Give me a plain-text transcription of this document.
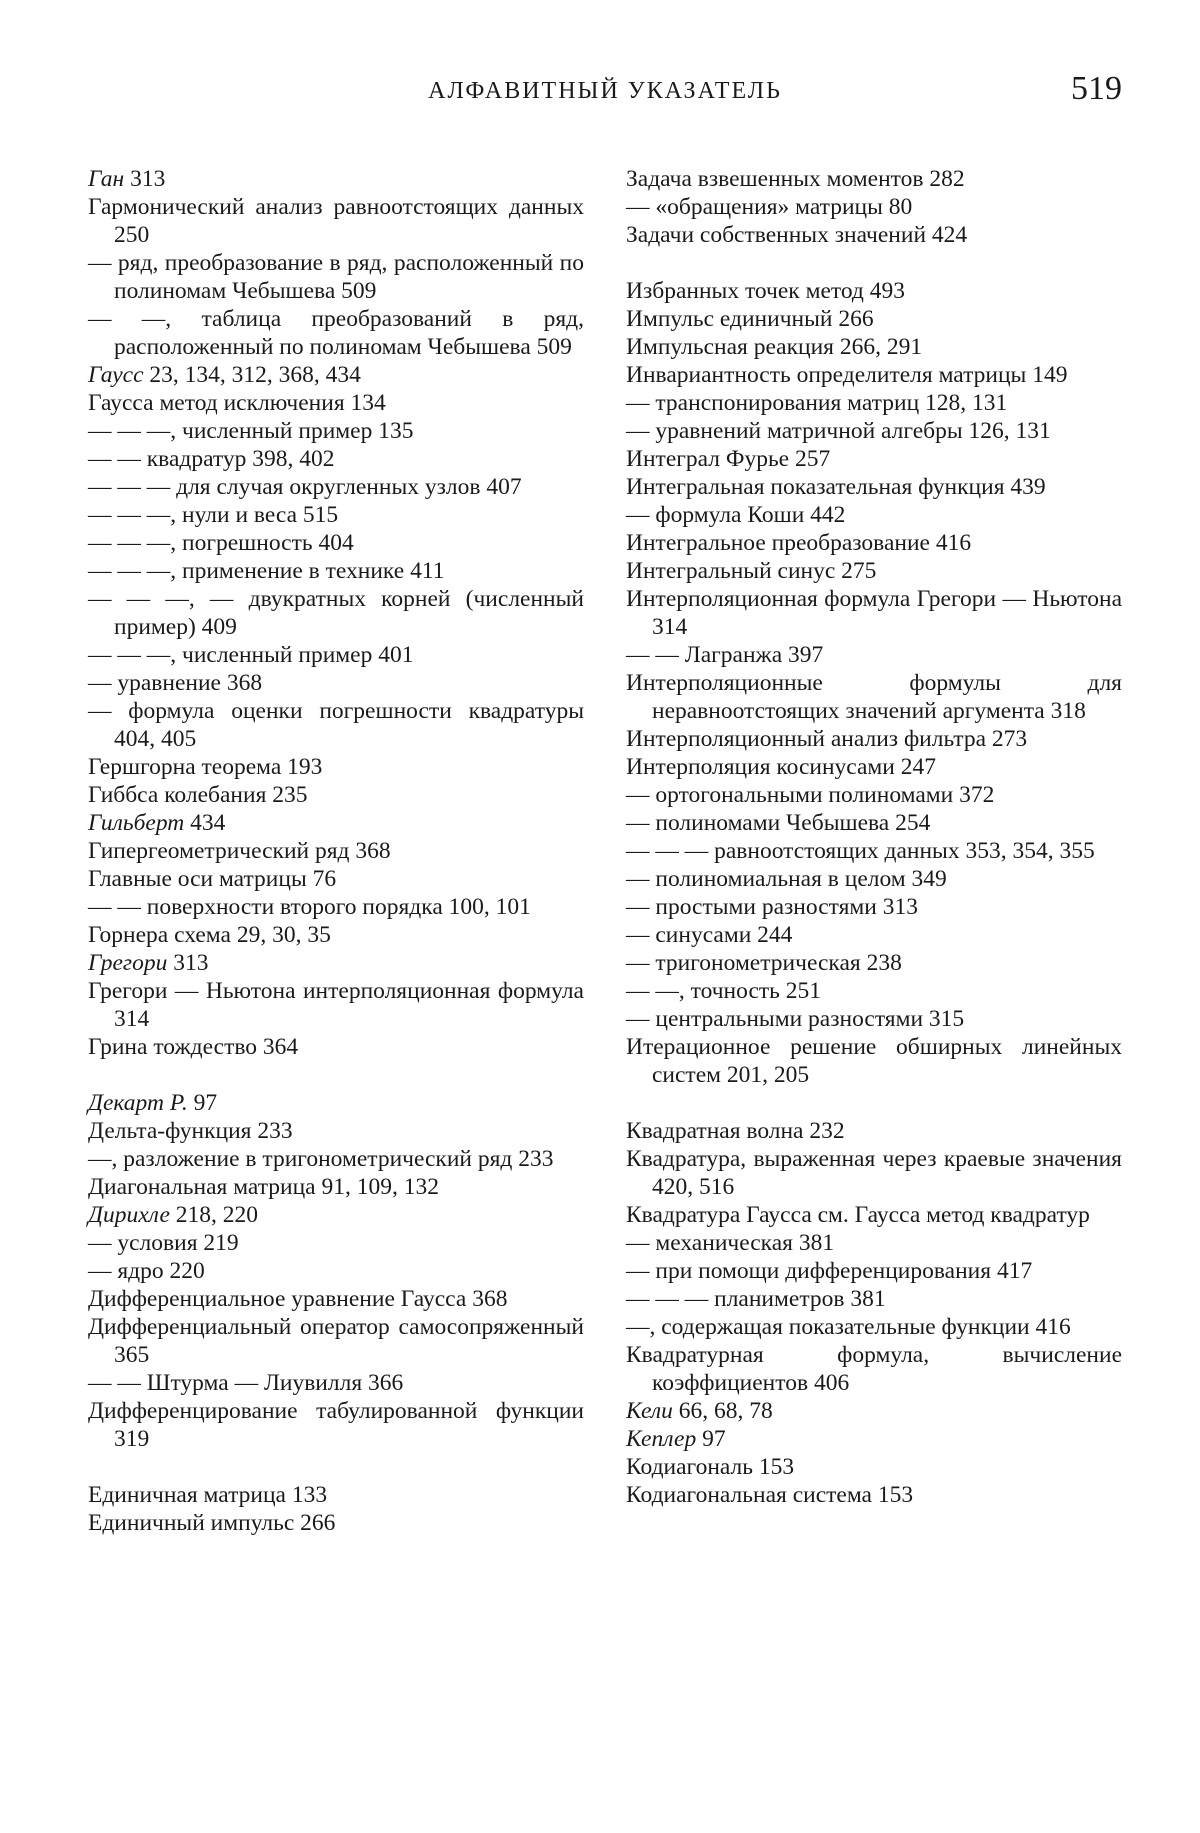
АЛФАВИТНЫЙ УКАЗАТЕЛЬ	519
Ган 313
Гармонический анализ равноотстоящих данных 250
— ряд, преобразование в ряд, расположенный по полиномам Чебышева 509
— —, таблица преобразований в ряд, расположенный по полиномам Чебышева 509
Гаусс 23, 134, 312, 368, 434
Гаусса метод исключения 134
— — —, численный пример 135
— — квадратур 398, 402
— — — для случая округленных узлов 407
— — —, нули и веса 515
— — —, погрешность 404
— — —, применение в технике 411
— — —, — двукратных корней (численный пример) 409
— — —, численный пример 401
— уравнение 368
— формула оценки погрешности квадратуры 404, 405
Гершгорна теорема 193
Гиббса колебания 235
Гильберт 434
Гипергеометрический ряд 368
Главные оси матрицы 76
— — поверхности второго порядка 100, 101
Горнера схема 29, 30, 35
Грегори 313
Грегори — Ньютона интерполяционная формула 314
Грина тождество 364
Декарт Р. 97
Дельта-функция 233
—, разложение в тригонометрический ряд 233
Диагональная матрица 91, 109, 132
Дирихле 218, 220
— условия 219
— ядро 220
Дифференциальное уравнение Гаусса 368
Дифференциальный оператор самосопряженный 365
— — Штурма — Лиувилля 366
Дифференцирование табулированной функции 319
Единичная матрица 133
Единичный импульс 266
Задача взвешенных моментов 282
— «обращения» матрицы 80
Задачи собственных значений 424
Избранных точек метод 493
Импульс единичный 266
Импульсная реакция 266, 291
Инвариантность определителя матрицы 149
— транспонирования матриц 128, 131
— уравнений матричной алгебры 126, 131
Интеграл Фурье 257
Интегральная показательная функция 439
— формула Коши 442
Интегральное преобразование 416
Интегральный синус 275
Интерполяционная формула Грегори — Ньютона 314
— — Лагранжа 397
Интерполяционные формулы для неравноотстоящих значений аргумента 318
Интерполяционный анализ фильтра 273
Интерполяция косинусами 247
— ортогональными полиномами 372
— полиномами Чебышева 254
— — — равноотстоящих данных 353, 354, 355
— полиномиальная в целом 349
— простыми разностями 313
— синусами 244
— тригонометрическая 238
— —, точность 251
— центральными разностями 315
Итерационное решение обширных линейных систем 201, 205
Квадратная волна 232
Квадратура, выраженная через краевые значения 420, 516
Квадратура Гаусса см. Гаусса метод квадратур
— механическая 381
— при помощи дифференцирования 417
— — — планиметров 381
—, содержащая показательные функции 416
Квадратурная формула, вычисление коэффициентов 406
Кели 66, 68, 78
Кеплер 97
Кодиагональ 153
Кодиагональная система 153
